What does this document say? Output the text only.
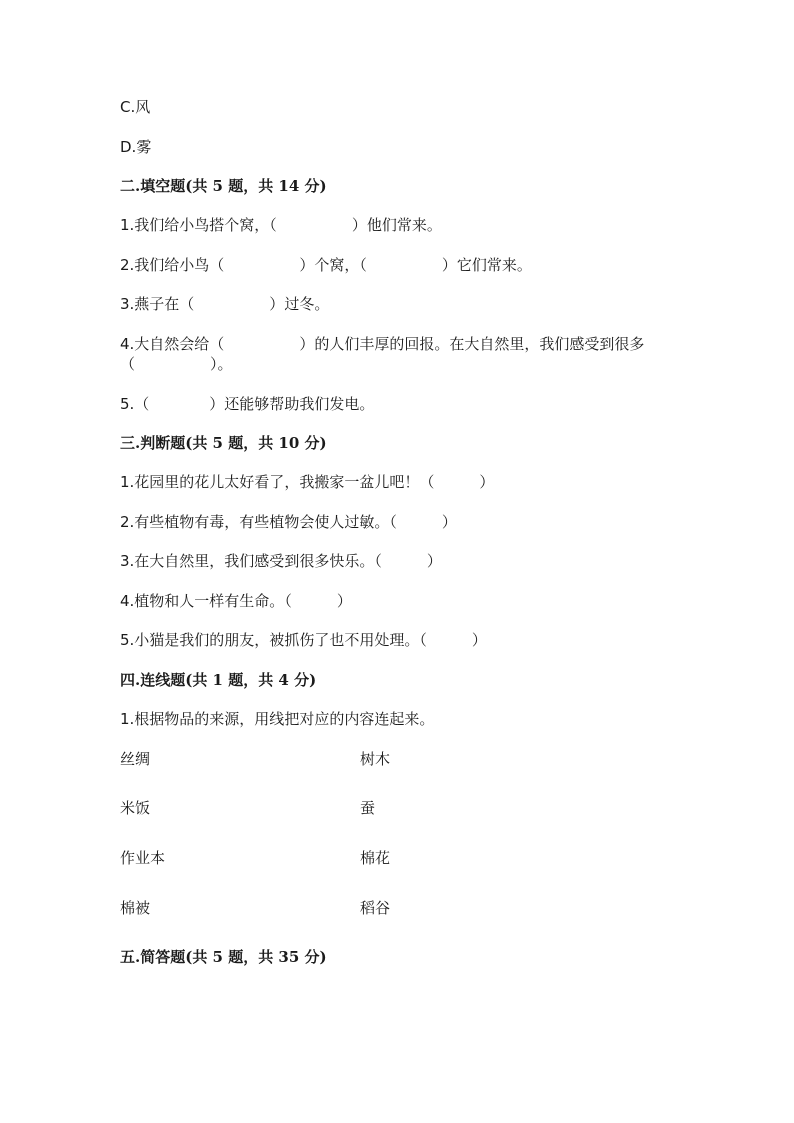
C.风
D.雾
二.填空题(共 5 题，共 14 分)
1.我们给小鸟搭个窝，（　　　　　）他们常来。
2.我们给小鸟（　　　　　）个窝，（　　　　　）它们常来。
3.燕子在（　　　　　）过冬。
4.大自然会给（　　　　　）的人们丰厚的回报。在大自然里，我们感受到很多
（　　　　　）。
5.（　　　　）还能够帮助我们发电。
三.判断题(共 5 题，共 10 分)
1.花园里的花儿太好看了，我搬家一盆儿吧！（　　　）
2.有些植物有毒，有些植物会使人过敏。（　　　）
3.在大自然里，我们感受到很多快乐。（　　　）
4.植物和人一样有生命。（　　　）
5.小猫是我们的朋友，被抓伤了也不用处理。（　　　）
四.连线题(共 1 题，共 4 分)
1.根据物品的来源，用线把对应的内容连起来。
丝绸	树木
米饭	蚕
作业本	棉花
棉被	稻谷
五.简答题(共 5 题，共 35 分)
